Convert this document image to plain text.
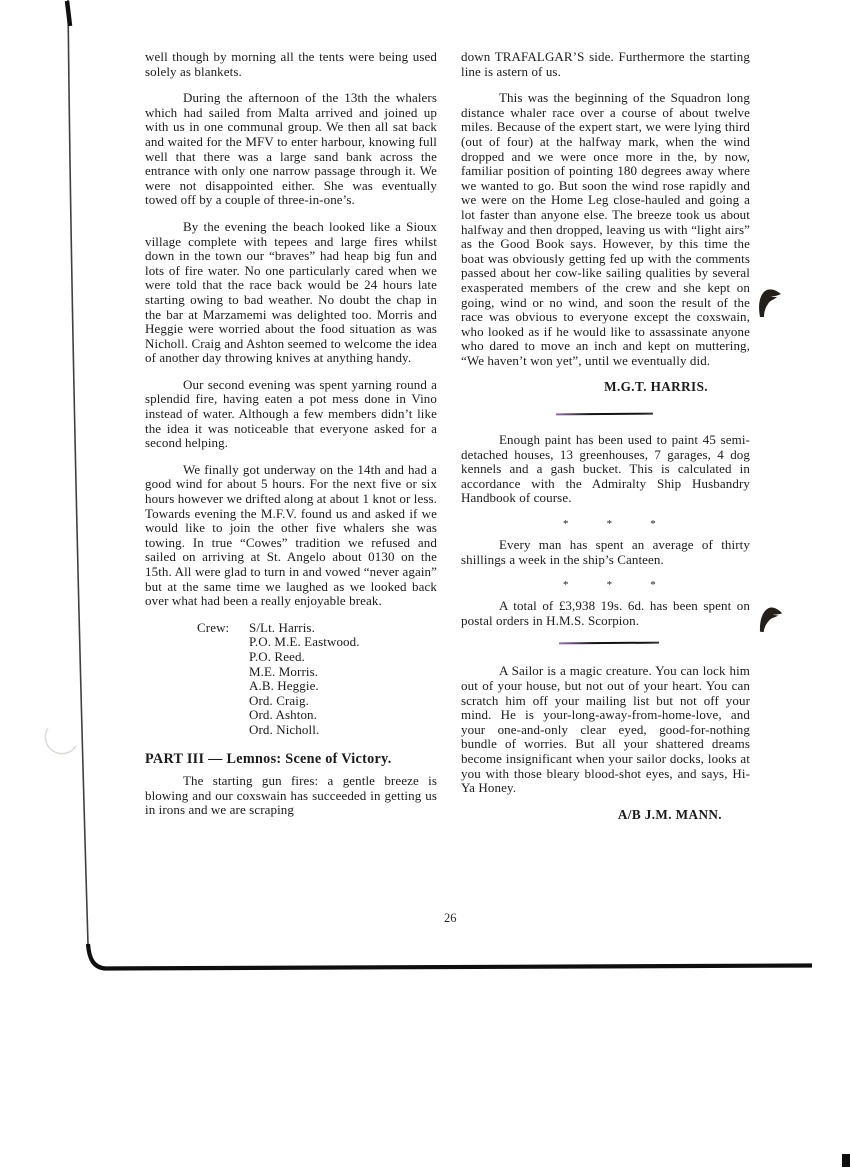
well though by morning all the tents were being used solely as blankets.

During the afternoon of the 13th the whalers which had sailed from Malta arrived and joined up with us in one communal group. We then all sat back and waited for the MFV to enter harbour, knowing full well that there was a large sand bank across the entrance with only one narrow passage through it. We were not disappointed either. She was eventually towed off by a couple of three-in-one’s.

By the evening the beach looked like a Sioux village complete with tepees and large fires whilst down in the town our “braves” had heap big fun and lots of fire water. No one particularly cared when we were told that the race back would be 24 hours late starting owing to bad weather. No doubt the chap in the bar at Marzamemi was delighted too. Morris and Heggie were worried about the food situation as was Nicholl. Craig and Ashton seemed to welcome the idea of another day throwing knives at anything handy.

Our second evening was spent yarning round a splendid fire, having eaten a pot mess done in Vino instead of water. Although a few members didn’t like the idea it was noticeable that everyone asked for a second helping.

We finally got underway on the 14th and had a good wind for about 5 hours. For the next five or six hours however we drifted along at about 1 knot or less. Towards evening the M.F.V. found us and asked if we would like to join the other five whalers she was towing. In true “Cowes” tradition we refused and sailed on arriving at St. Angelo about 0130 on the 15th. All were glad to turn in and vowed “never again” but at the same time we laughed as we looked back over what had been a really enjoyable break.

Crew:	S/Lt. Harris.
P.O. M.E. Eastwood.
P.O. Reed.
M.E. Morris.
A.B. Heggie.
Ord. Craig.
Ord. Ashton.
Ord. Nicholl.
PART III — Lemnos: Scene of Victory.

The starting gun fires: a gentle breeze is blowing and our coxswain has succeeded in getting us in irons and we are scraping

down TRAFALGAR’S side. Furthermore the starting line is astern of us.

This was the beginning of the Squadron long distance whaler race over a course of about twelve miles. Because of the expert start, we were lying third (out of four) at the halfway mark, when the wind dropped and we were once more in the, by now, familiar position of pointing 180 degrees away where we wanted to go. But soon the wind rose rapidly and we were on the Home Leg close-hauled and going a lot faster than anyone else. The breeze took us about halfway and then dropped, leaving us with “light airs” as the Good Book says. However, by this time the boat was obviously getting fed up with the comments passed about her cow-like sailing qualities by several exasperated members of the crew and she kept on going, wind or no wind, and soon the result of the race was obvious to everyone except the coxswain, who looked as if he would like to assassinate anyone who dared to move an inch and kept on muttering, “We haven’t won yet”, until we eventually did.

M.G.T. HARRIS.

Enough paint has been used to paint 45 semi-detached houses, 13 greenhouses, 7 garages, 4 dog kennels and a gash bucket. This is calculated in accordance with the Admiralty Ship Husbandry Handbook of course.

*	*	*

Every man has spent an average of thirty shillings a week in the ship’s Canteen.

*	*	*

A total of £3,938 19s. 6d. has been spent on postal orders in H.M.S. Scorpion.

A Sailor is a magic creature. You can lock him out of your house, but not out of your heart. You can scratch him off your mailing list but not off your mind. He is your-long-away-from-home-love, and your one-and-only clear eyed, good-for-nothing bundle of worries. But all your shattered dreams become insignificant when your sailor docks, looks at you with those bleary blood-shot eyes, and says, Hi-Ya Honey.

A/B J.M. MANN.
26
